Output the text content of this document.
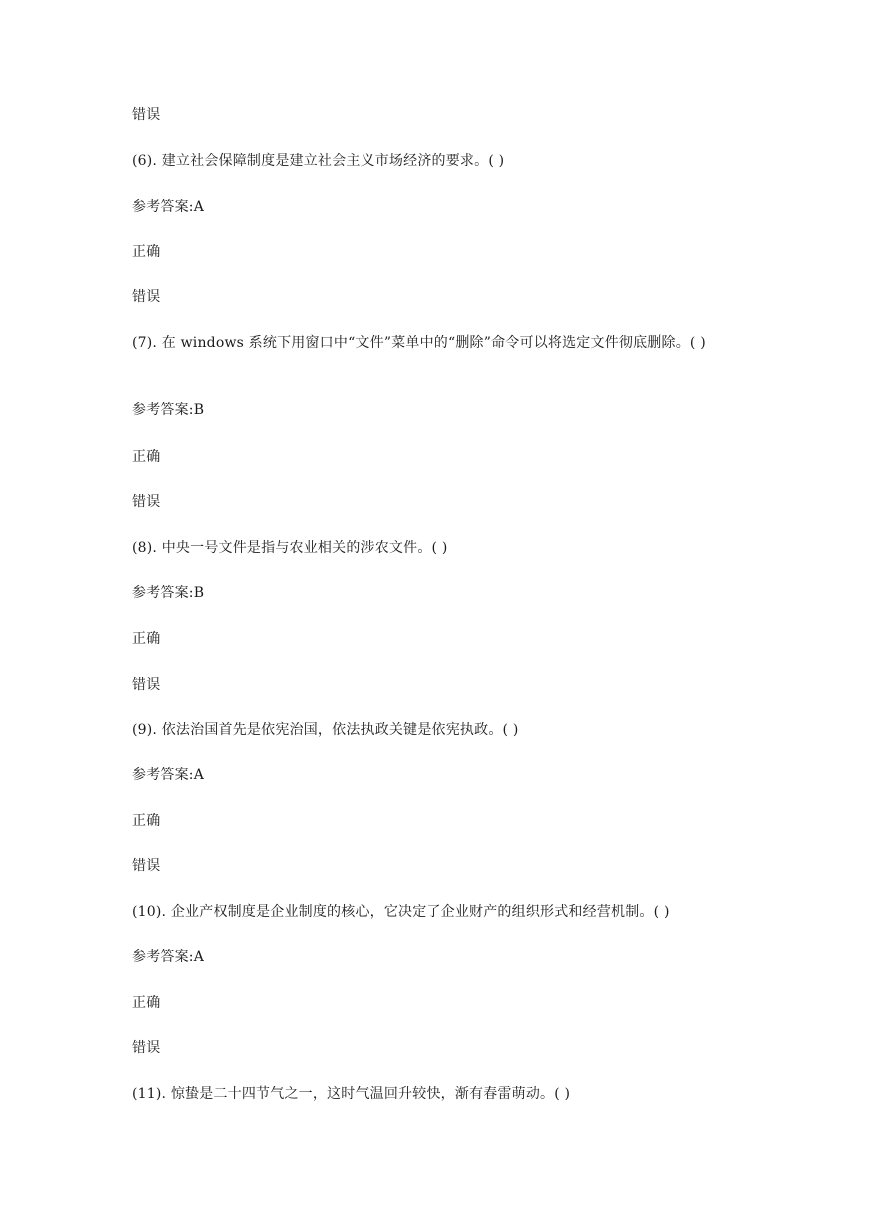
错误
(6). 建立社会保障制度是建立社会主义市场经济的要求。( )
参考答案:A
正确
错误
(7). 在 windows 系统下用窗口中“文件”菜单中的“删除”命令可以将选定文件彻底删除。( )
参考答案:B
正确
错误
(8). 中央一号文件是指与农业相关的涉农文件。( )
参考答案:B
正确
错误
(9). 依法治国首先是依宪治国，依法执政关键是依宪执政。( )
参考答案:A
正确
错误
(10). 企业产权制度是企业制度的核心，它决定了企业财产的组织形式和经营机制。( )
参考答案:A
正确
错误
(11). 惊蛰是二十四节气之一，这时气温回升较快，渐有春雷萌动。( )
